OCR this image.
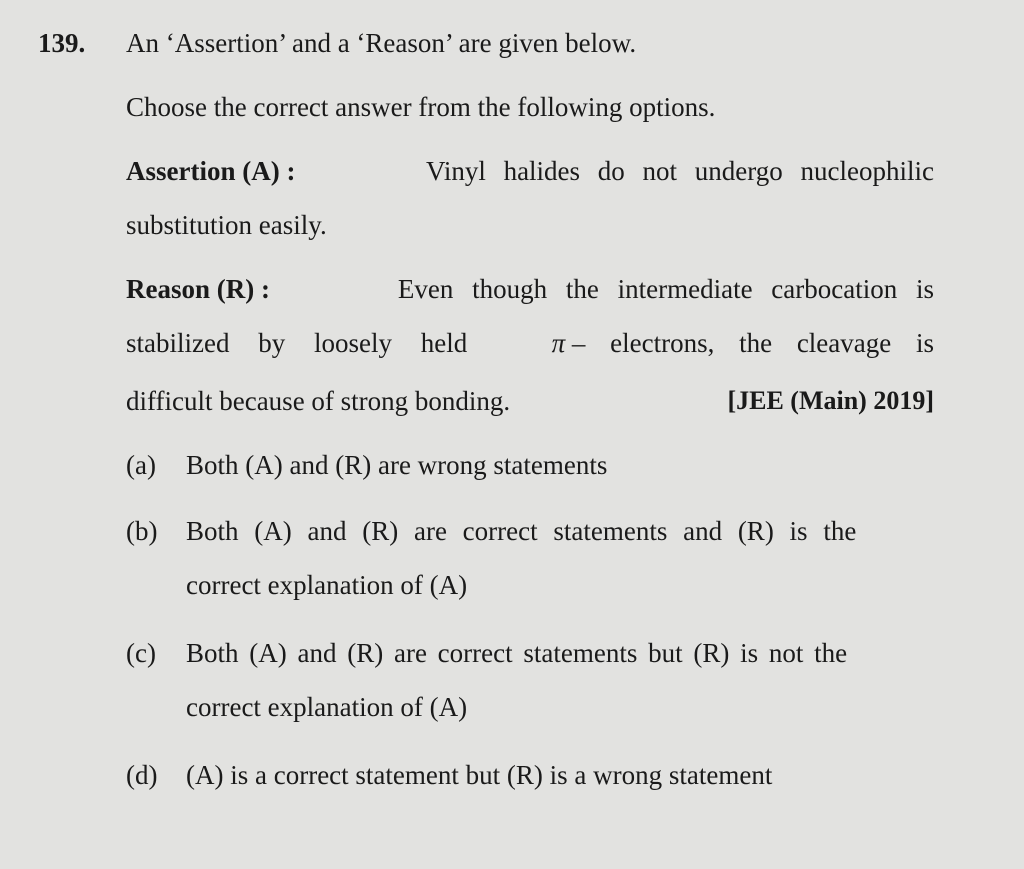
139. An ‘Assertion’ and a ‘Reason’ are given below.
Choose the correct answer from the following options.
Assertion (A) :	Vinyl halides do not undergo nucleophilic
substitution easily.
Reason (R) :	Even though the intermediate carbocation is
stabilized by loosely held	π – electrons, the cleavage is
difficult because of strong bonding.	[JEE (Main) 2019]
(a) Both (A) and (R) are wrong statements
(b) Both (A) and (R) are correct statements and (R) is the
correct explanation of (A)
(c) Both (A) and (R) are correct statements but (R) is not the
correct explanation of (A)
(d) (A) is a correct statement but (R) is a wrong statement
